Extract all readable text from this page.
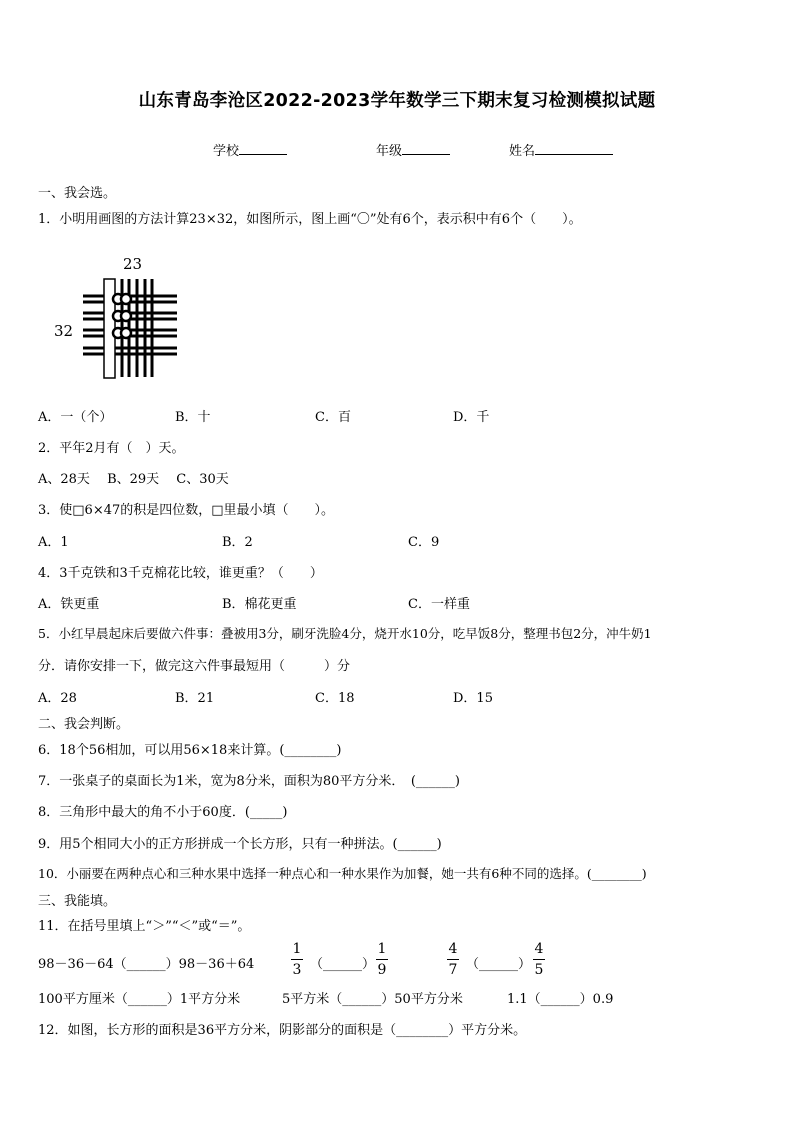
山东青岛李沧区2022-2023学年数学三下期末复习检测模拟试题
学校	年级	姓名
一、我会选。
1．小明用画图的方法计算23×32，如图所示，图上画“〇”处有6个，表示积中有6个（　　）。
23
32
A．一（个）	B．十	C．百	D．千
2．平年2月有（　）天。
A、28天　 B、29天　 C、30天
3．使□6×47的积是四位数，□里最小填（　　）。
A．1	B．2	C．9
4．3千克铁和3千克棉花比较，谁更重？（　　）
A．铁更重	B．棉花更重	C．一样重
5．小红早晨起床后要做六件事：叠被用3分，刷牙洗脸4分，烧开水10分，吃早饭8分，整理书包2分，冲牛奶1
分．请你安排一下，做完这六件事最短用（　　　）分
A．28	B．21	C．18	D．15
二、我会判断。
6．18个56相加，可以用56×18来计算。(________)
7．一张桌子的桌面长为1米，宽为8分米，面积为80平方分米．　(______)
8．三角形中最大的角不小于60度．(_____)
9．用5个相同大小的正方形拼成一个长方形，只有一种拼法。(______)
10．小丽要在两种点心和三种水果中选择一种点心和一种水果作为加餐，她一共有6种不同的选择。(________)
三、我能填。
11．在括号里填上“＞”“＜”或“＝”。
98－36－64（______）98－36＋64
1
3 （______）
1
9
4
7 （______）
4
5
100平方厘米（______）1平方分米	5平方米（______）50平方分米	1.1（______）0.9
12．如图，长方形的面积是36平方分米，阴影部分的面积是（________）平方分米。
